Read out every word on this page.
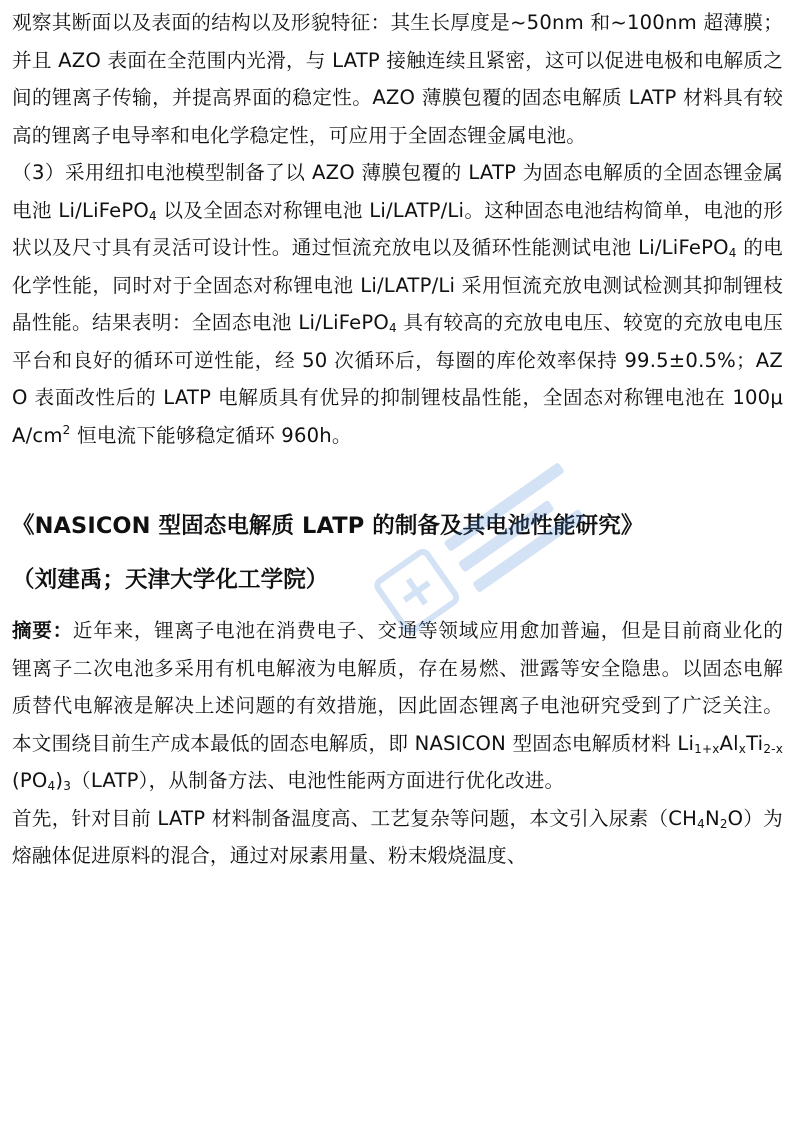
观察其断面以及表面的结构以及形貌特征：其生长厚度是~50nm 和~100nm 超薄膜；并且 AZO 表面在全范围内光滑，与 LATP 接触连续且紧密，这可以促进电极和电解质之间的锂离子传输，并提高界面的稳定性。AZO 薄膜包覆的固态电解质 LATP 材料具有较高的锂离子电导率和电化学稳定性，可应用于全固态锂金属电池。

（3）采用纽扣电池模型制备了以 AZO 薄膜包覆的 LATP 为固态电解质的全固态锂金属电池 Li/LiFePO$_4$ 以及全固态对称锂电池 Li/LATP/Li。这种固态电池结构简单，电池的形状以及尺寸具有灵活可设计性。通过恒流充放电以及循环性能测试电池 Li/LiFePO$_4$ 的电化学性能，同时对于全固态对称锂电池 Li/LATP/Li 采用恒流充放电测试检测其抑制锂枝晶性能。结果表明：全固态电池 Li/LiFePO$_4$ 具有较高的充放电电压、较宽的充放电电压平台和良好的循环可逆性能，经 50 次循环后，每圈的库伦效率保持 99.5±0.5%；AZO 表面改性后的 LATP 电解质具有优异的抑制锂枝晶性能，全固态对称锂电池在 $100\mu A/cm^2$ 恒电流下能够稳定循环 960h。

《NASICON 型固态电解质 LATP 的制备及其电池性能研究》
（刘建禹；天津大学化工学院）

摘要：近年来，锂离子电池在消费电子、交通等领域应用愈加普遍，但是目前商业化的锂离子二次电池多采用有机电解液为电解质，存在易燃、泄露等安全隐患。以固态电解质替代电解液是解决上述问题的有效措施，因此固态锂离子电池研究受到了广泛关注。本文围绕目前生产成本最低的固态电解质，即 NASICON 型固态电解质材料 $Li_{1+x}Al_xTi_{2-x}(PO_4)_3(LATP)$，从制备方法、电池性能两方面进行优化改进。

首先，针对目前 LATP 材料制备温度高、工艺复杂等问题，本文引入尿素$(CH_4N_2O)$为熔融体促进原料的混合，通过对尿素用量、粉末煅烧温度、
